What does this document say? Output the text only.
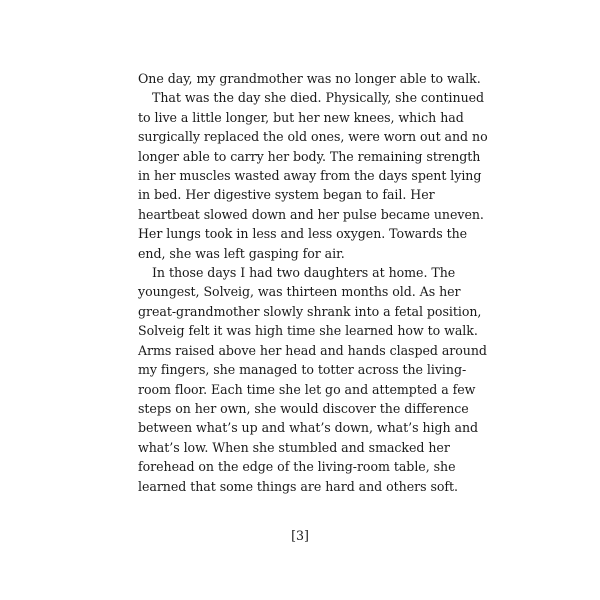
One day, my grandmother was no longer able to walk.

That was the day she died. Physically, she continued

to live a little longer, but her new knees, which had

surgically replaced the old ones, were worn out and no

longer able to carry her body. The remaining strength

in her muscles wasted away from the days spent lying

in bed. Her digestive system began to fail. Her

heartbeat slowed down and her pulse became uneven.

Her lungs took in less and less oxygen. Towards the

end, she was left gasping for air.

In those days I had two daughters at home. The

youngest, Solveig, was thirteen months old. As her

great-grandmother slowly shrank into a fetal position,

Solveig felt it was high time she learned how to walk.

Arms raised above her head and hands clasped around

my fingers, she managed to totter across the living-

room floor. Each time she let go and attempted a few

steps on her own, she would discover the difference

between what’s up and what’s down, what’s high and

what’s low. When she stumbled and smacked her

forehead on the edge of the living-room table, she

learned that some things are hard and others soft.

[3]
